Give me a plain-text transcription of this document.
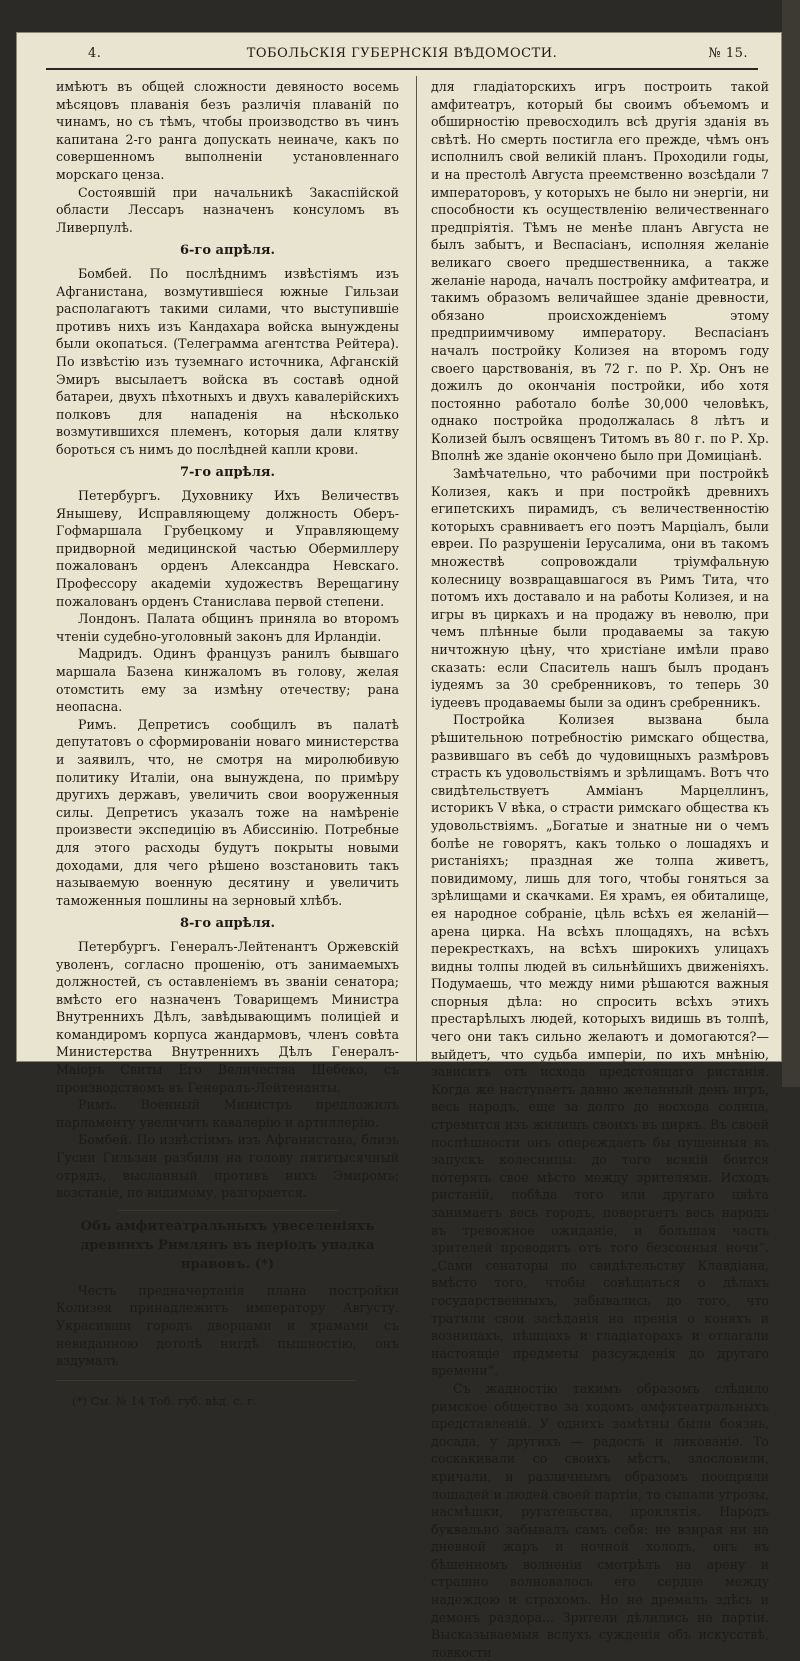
4.	ТОБОЛЬСКІЯ ГУБЕРНСКІЯ ВѢДОМОСТИ.	№ 15.

имѣютъ въ общей сложности девяносто восемь мѣсяцовъ плаванія безъ различія плаваній по чинамъ, но съ тѣмъ, чтобы производство въ чинъ капитана 2-го ранга допускать неиначе, какъ по совершенномъ выполненіи установленнаго морскаго ценза.

Состоявшій при начальникѣ Закаспійской области Лессаръ назначенъ консуломъ въ Ливерпулѣ.

6-го апрѣля.

Бомбей. По послѣднимъ извѣстіямъ изъ Афганистана, возмутившіеся южные Гильзаи располагаютъ такими силами, что выступившіе противъ нихъ изъ Кандахара войска вынуждены были окопаться. (Телеграмма агентства Рейтера). По извѣстію изъ туземнаго источника, Афганскій Эмиръ высылаетъ войска въ составѣ одной батареи, двухъ пѣхотныхъ и двухъ кавалерійскихъ полковъ для нападенія на нѣсколько возмутившихся племенъ, которыя дали клятву бороться съ нимъ до послѣдней капли крови.

7-го апрѣля.

Петербургъ. Духовнику Ихъ Величествъ Янышеву, Исправляющему должность Оберъ-Гофмаршала Грубецкому и Управляющему придворной медицинской частью Обермиллеру пожалованъ орденъ Александра Невскаго. Профессору академіи художествъ Верещагину пожалованъ орденъ Станислава первой степени.

Лондонъ. Палата общинъ приняла во второмъ чтеніи судебно-уголовный законъ для Ирландіи.

Мадридъ. Одинъ французъ ранилъ бывшаго маршала Базена кинжаломъ въ голову, желая отомстить ему за измѣну отечеству; рана неопасна.

Римъ. Депретисъ сообщилъ въ палатѣ депутатовъ о сформированіи новаго министерства и заявилъ, что, не смотря на миролюбивую политику Италіи, она вынуждена, по примѣру другихъ державъ, увеличить свои вооруженныя силы. Депретисъ указалъ тоже на намѣреніе произвести экспедицію въ Абиссинію. Потребные для этого расходы будутъ покрыты новыми доходами, для чего рѣшено возстановить такъ называемую военную десятину и увеличить таможенныя пошлины на зерновый хлѣбъ.

8-го апрѣля.

Петербургъ. Генералъ-Лейтенантъ Оржевскій уволенъ, согласно прошенію, отъ занимаемыхъ должностей, съ оставленіемъ въ званіи сенатора; вмѣсто его назначенъ Товарищемъ Министра Внутреннихъ Дѣлъ, завѣдывающимъ полиціей и командиромъ корпуса жандармовъ, членъ совѣта Министерства Внутреннихъ Дѣлъ Генералъ-Маіоръ Свиты Его Величества Шебеко, съ производствомъ въ Генералъ-Лейтенанты.

Римъ. Военный Министръ предложилъ парламенту увеличить кавалерію и артиллерію.

Бомбей. По извѣстіямъ изъ Афганистана, близь Гусни Гильзаи разбили на голову пятитысячный отрядъ, высланный противъ нихъ Эмиромъ; возстаніе, по видимому, разгорается.

Объ амфитеатральныхъ увеселеніяхъ древнихъ Римлянъ въ періодъ упадка нравовъ. (*)

Честь предначертанія плана постройки Колизея принадлежитъ императору Августу. Украсивши городъ дворцами и храмами съ невиданною дотолѣ нигдѣ пышностію, онъ вздумалъ

(*) См. № 14 Тоб. губ. вѣд. с. г.

для гладіаторскихъ игръ построить такой амфитеатръ, который бы своимъ объемомъ и обширностію превосходилъ всѣ другія зданія въ свѣтѣ. Но смерть постигла его прежде, чѣмъ онъ исполнилъ свой великій планъ. Проходили годы, и на престолѣ Августа преемственно возсѣдали 7 императоровъ, у которыхъ не было ни энергіи, ни способности къ осуществленію величественнаго предпріятія. Тѣмъ не менѣе планъ Августа не былъ забытъ, и Веспасіанъ, исполняя желаніе великаго своего предшественника, а также желаніе народа, началъ постройку амфитеатра, и такимъ образомъ величайшее зданіе древности, обязано происхожденіемъ этому предприимчивому императору. Веспасіанъ началъ постройку Колизея на второмъ году своего царствованія, въ 72 г. по Р. Хр. Онъ не дожилъ до окончанія постройки, ибо хотя постоянно работало болѣе 30,000 человѣкъ, однако постройка продолжалась 8 лѣтъ и Колизей былъ освященъ Титомъ въ 80 г. по Р. Хр. Вполнѣ же зданіе окончено было при Домиціанѣ.

Замѣчательно, что рабочими при постройкѣ Колизея, какъ и при постройкѣ древнихъ египетскихъ пирамидъ, съ величественностію которыхъ сравниваетъ его поэтъ Марціалъ, были евреи. По разрушеніи Іерусалима, они въ такомъ множествѣ сопровождали тріумфальную колесницу возвращавшагося въ Римъ Тита, что потомъ ихъ доставало и на работы Колизея, и на игры въ циркахъ и на продажу въ неволю, при чемъ плѣнные были продаваемы за такую ничтожную цѣну, что христіане имѣли право сказать: если Спаситель нашъ былъ проданъ іудеямъ за 30 сребренниковъ, то теперь 30 іудеевъ продаваемы были за одинъ сребренникъ.

Постройка Колизея вызвана была рѣшительною потребностію римскаго общества, развившаго въ себѣ до чудовищныхъ размѣровъ страсть къ удовольствіямъ и зрѣлищамъ. Вотъ что свидѣтельствуетъ Амміанъ Марцеллинъ, историкъ V вѣка, о страсти римскаго общества къ удовольствіямъ. „Богатые и знатные ни о чемъ болѣе не говорятъ, какъ только о лошадяхъ и ристаніяхъ; праздная же толпа живетъ, повидимому, лишь для того, чтобы гоняться за зрѣлищами и скачками. Ея храмъ, ея обиталище, ея народное собраніе, цѣль всѣхъ ея желаній—арена цирка. На всѣхъ площадяхъ, на всѣхъ перекресткахъ, на всѣхъ широкихъ улицахъ видны толпы людей въ сильнѣйшихъ движеніяхъ. Подумаешь, что между ними рѣшаются важныя спорныя дѣла: но спросить всѣхъ этихъ престарѣлыхъ людей, которыхъ видишь въ толпѣ, чего они такъ сильно желаютъ и домогаются?—выйдетъ, что судьба имперіи, по ихъ мнѣнію, зависитъ отъ исхода предстоящаго ристанія. Когда же наступаетъ давно желанный день игръ, весь народъ, еще за долго до восхода солнца, стремится изъ жилищъ своихъ въ циркъ. Въ своей поспѣшности онъ опереждаетъ бы пущенныя въ запускъ колесницы: до того всякій боится потерять свое мѣсто между зрителями. Исходъ ристаній, побѣда того или другаго цвѣта занимаетъ весь городъ, повергаетъ весь народъ въ тревожное ожиданіе, и большая часть зрителей проводитъ отъ того безсонныя ночи“. „Сами сенаторы по свидѣтельству Клавдіана, вмѣсто того, чтобы совѣщаться о дѣлахъ государственныхъ, забывались до того, что тратили свои засѣданія на пренія о коняхъ и возницахъ, пѣшцахъ и гладіаторахъ и отлагали настоящіе предметы разсужденія до другаго времени“.

Съ жадностію такимъ образомъ слѣдило римское общество за ходомъ амфитеатральныхъ представленій. У однихъ замѣтны были боязнь, досада, у другихъ — радость и ликованіе. То соскакивали со своихъ мѣстъ, злословили, кричали, и различнымъ образомъ поощряли лошадей и людей своей партіи, то сыпали угрозы, насмѣшки, ругательства, проклятія. Народъ буквально забывалъ самъ себя: не взирая ни на дневной жаръ и ночной холодъ, онъ въ бѣшенномъ волненіи смотрѣлъ на арену и страшно волновалось его сердце между надеждою и страхомъ. Но не дремалъ здѣсь и демонъ раздора... Зрители дѣлились на партіи. Высказываемыя вслухъ сужденія объ искусствѣ, ловкости
